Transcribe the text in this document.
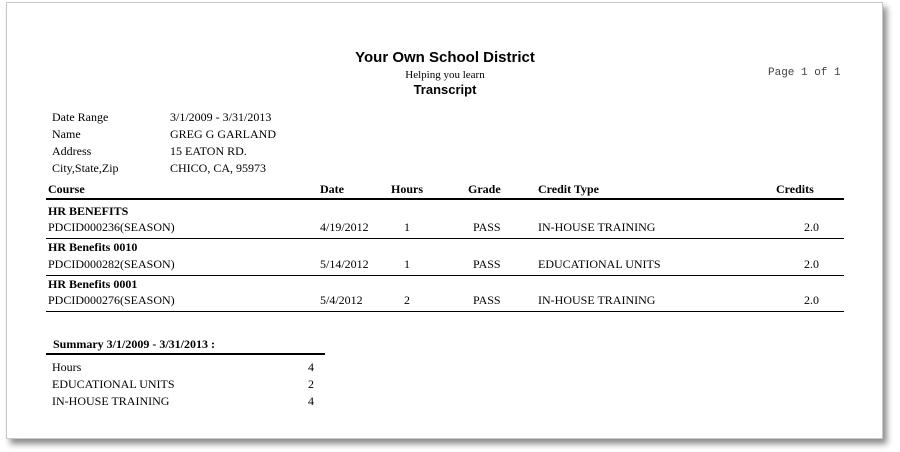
Your Own School District
Helping you learn
Transcript
Page 1 of 1
Date Range	3/1/2009 - 3/31/2013
Name	GREG G GARLAND
Address	15 EATON RD.
City,State,Zip	CHICO, CA, 95973
Course	Date	Hours	Grade	Credit Type	Credits
HR BENEFITS
PDCID000236(SEASON)	4/19/2012	1	PASS	IN-HOUSE TRAINING	2.0
HR Benefits 0010
PDCID000282(SEASON)	5/14/2012	1	PASS	EDUCATIONAL UNITS	2.0
HR Benefits 0001
PDCID000276(SEASON)	5/4/2012	2	PASS	IN-HOUSE TRAINING	2.0
Summary 3/1/2009 - 3/31/2013 :
Hours	4
EDUCATIONAL UNITS	2
IN-HOUSE TRAINING	4
